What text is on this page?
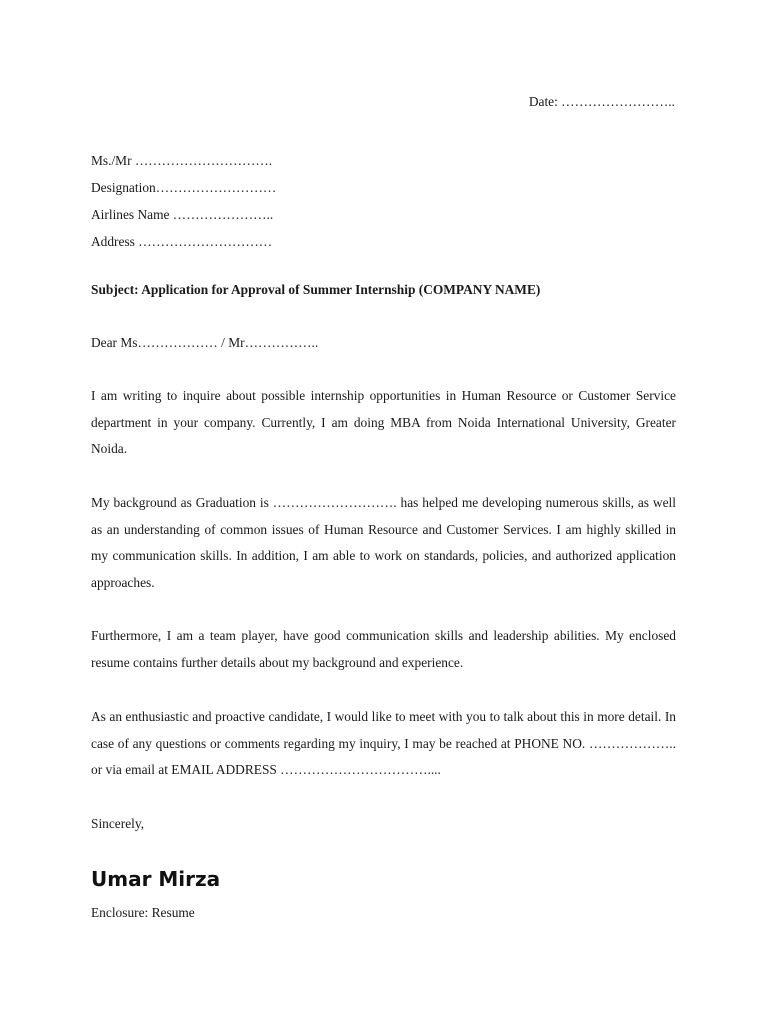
Date: ……………………..
Ms./Mr ………………………….
Designation………………………
Airlines Name …………………..
Address …………………………
Subject: Application for Approval of Summer Internship (COMPANY NAME)
Dear Ms……………… / Mr……………..

I am writing to inquire about possible internship opportunities in Human Resource or Customer Service department in your company. Currently, I am doing MBA from Noida International University, Greater Noida.

My background as Graduation is ………………………. has helped me developing numerous skills, as well as an understanding of common issues of Human Resource and Customer Services. I am highly skilled in my communication skills. In addition, I am able to work on standards, policies, and authorized application approaches.

Furthermore, I am a team player, have good communication skills and leadership abilities. My enclosed resume contains further details about my background and experience.

As an enthusiastic and proactive candidate, I would like to meet with you to talk about this in more detail. In case of any questions or comments regarding my inquiry, I may be reached at PHONE NO. ……………….. or via email at EMAIL ADDRESS ……………………………....

Sincerely,
Umar Mirza
Enclosure: Resume
